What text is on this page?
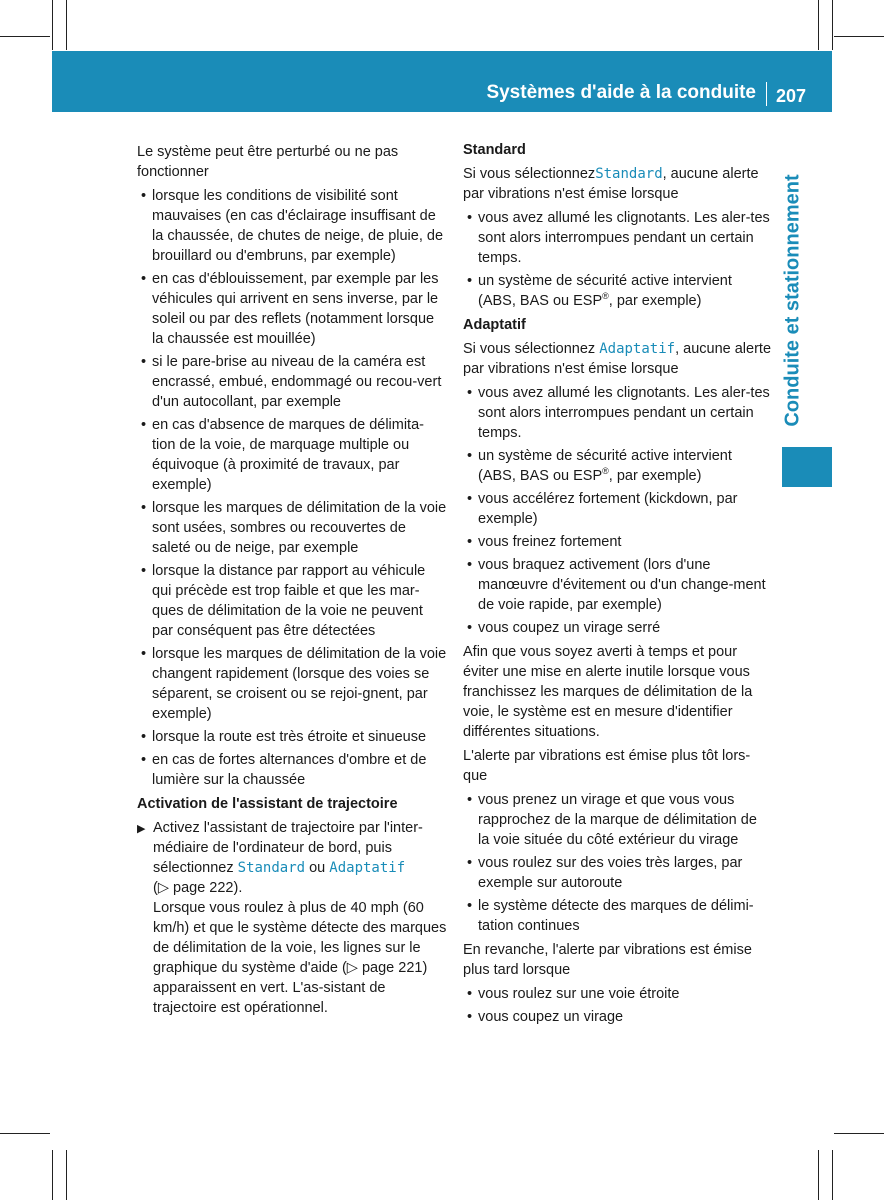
Systèmes d'aide à la conduite 207
Conduite et stationnement

Le système peut être perturbé ou ne pas fonctionner

• lorsque les conditions de visibilité sont mauvaises (en cas d'éclairage insuffisant de la chaussée, de chutes de neige, de pluie, de brouillard ou d'embruns, par exemple)
• en cas d'éblouissement, par exemple par les véhicules qui arrivent en sens inverse, par le soleil ou par des reflets (notamment lorsque la chaussée est mouillée)
• si le pare-brise au niveau de la caméra est encrassé, embué, endommagé ou recou-vert d'un autocollant, par exemple
• en cas d'absence de marques de délimita-tion de la voie, de marquage multiple ou équivoque (à proximité de travaux, par exemple)
• lorsque les marques de délimitation de la voie sont usées, sombres ou recouvertes de saleté ou de neige, par exemple
• lorsque la distance par rapport au véhicule qui précède est trop faible et que les mar-ques de délimitation de la voie ne peuvent par conséquent pas être détectées
• lorsque les marques de délimitation de la voie changent rapidement (lorsque des voies se séparent, se croisent ou se rejoi-gnent, par exemple)
• lorsque la route est très étroite et sinueuse
• en cas de fortes alternances d'ombre et de lumière sur la chaussée
Activation de l'assistant de trajectoire
▶ Activez l'assistant de trajectoire par l'inter-médiaire de l'ordinateur de bord, puis sélectionnez Standard ou Adaptatif
(▷ page 222).
Lorsque vous roulez à plus de 40 mph (60 km/h) et que le système détecte des marques de délimitation de la voie, les lignes sur le graphique du système d'aide (▷ page 221) apparaissent en vert. L'as-sistant de trajectoire est opérationnel.
Standard

Si vous sélectionnezStandard, aucune alerte par vibrations n'est émise lorsque

• vous avez allumé les clignotants. Les aler-tes sont alors interrompues pendant un certain temps.
• un système de sécurité active intervient (ABS, BAS ou ESP®, par exemple)
Adaptatif

Si vous sélectionnez Adaptatif, aucune alerte par vibrations n'est émise lorsque

• vous avez allumé les clignotants. Les aler-tes sont alors interrompues pendant un certain temps.
• un système de sécurité active intervient (ABS, BAS ou ESP®, par exemple)
• vous accélérez fortement (kickdown, par exemple)
• vous freinez fortement
• vous braquez activement (lors d'une manœuvre d'évitement ou d'un change-ment de voie rapide, par exemple)
• vous coupez un virage serré

Afin que vous soyez averti à temps et pour éviter une mise en alerte inutile lorsque vous franchissez les marques de délimitation de la voie, le système est en mesure d'identifier différentes situations.

L'alerte par vibrations est émise plus tôt lors-que

• vous prenez un virage et que vous vous rapprochez de la marque de délimitation de la voie située du côté extérieur du virage
• vous roulez sur des voies très larges, par exemple sur autoroute
• le système détecte des marques de délimi-tation continues

En revanche, l'alerte par vibrations est émise plus tard lorsque

• vous roulez sur une voie étroite
• vous coupez un virage
